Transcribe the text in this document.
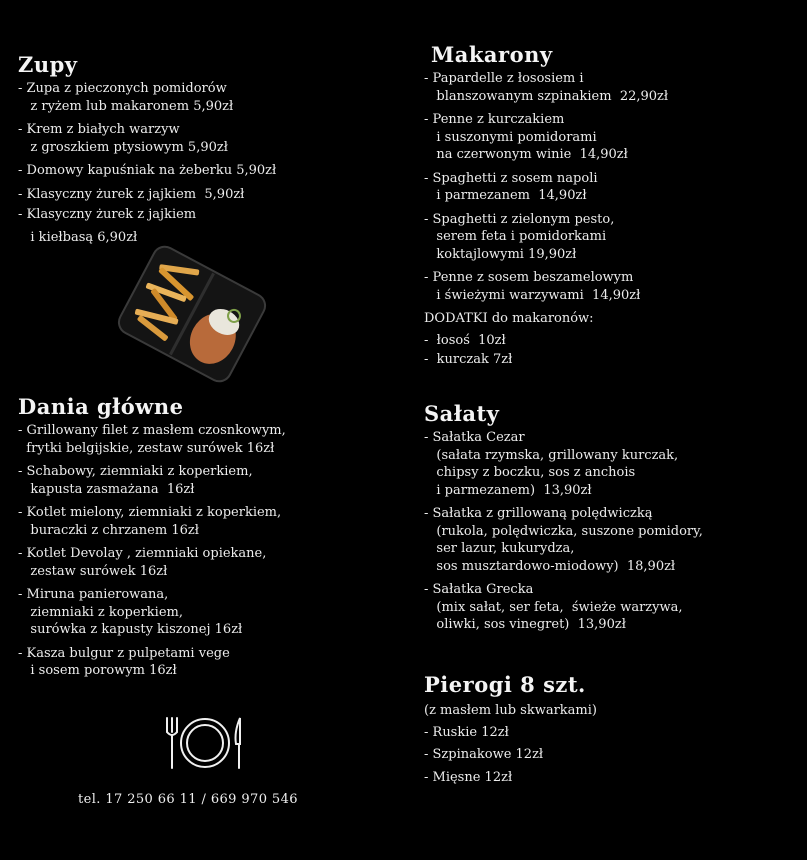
Zupy
- Zupa z pieczonych pomidorów
z ryżem lub makaronem 5,90zł
- Krem z białych warzyw
z groszkiem ptysiowym 5,90zł
- Domowy kapuśniak na żeberku 5,90zł
- Klasyczny żurek z jajkiem  5,90zł
- Klasyczny żurek z jajkiem

i kiełbasą 6,90zł
Dania główne
- Grillowany filet z masłem czosnkowym,
frytki belgijskie, zestaw surówek 16zł
- Schabowy, ziemniaki z koperkiem,
kapusta zasmażana  16zł
- Kotlet mielony, ziemniaki z koperkiem,
buraczki z chrzanem 16zł
- Kotlet Devolay , ziemniaki opiekane,
zestaw surówek 16zł
- Miruna panierowana,
ziemniaki z koperkiem,
surówka z kapusty kiszonej 16zł
- Kasza bulgur z pulpetami vege
i sosem porowym 16zł
tel. 17 250 66 11 / 669 970 546
Makarony
- Papardelle z łososiem i
blanszowanym szpinakiem  22,90zł
- Penne z kurczakiem
i suszonymi pomidorami
na czerwonym winie  14,90zł
- Spaghetti z sosem napoli
i parmezanem  14,90zł
- Spaghetti z zielonym pesto,
serem feta i pomidorkami
koktajlowymi 19,90zł
- Penne z sosem beszamelowym
i świeżymi warzywami  14,90zł
DODATKI do makaronów:
-  łosoś  10zł
-  kurczak 7zł
Sałaty
- Sałatka Cezar
(sałata rzymska, grillowany kurczak,
chipsy z boczku, sos z anchois
i parmezanem)  13,90zł
- Sałatka z grillowaną polędwiczką
(rukola, polędwiczka, suszone pomidory,
ser lazur, kukurydza,
sos musztardowo-miodowy)  18,90zł
- Sałatka Grecka
(mix sałat, ser feta,  świeże warzywa,
oliwki, sos vinegret)  13,90zł
Pierogi 8 szt.
(z masłem lub skwarkami)
- Ruskie 12zł
- Szpinakowe 12zł
- Mięsne 12zł
